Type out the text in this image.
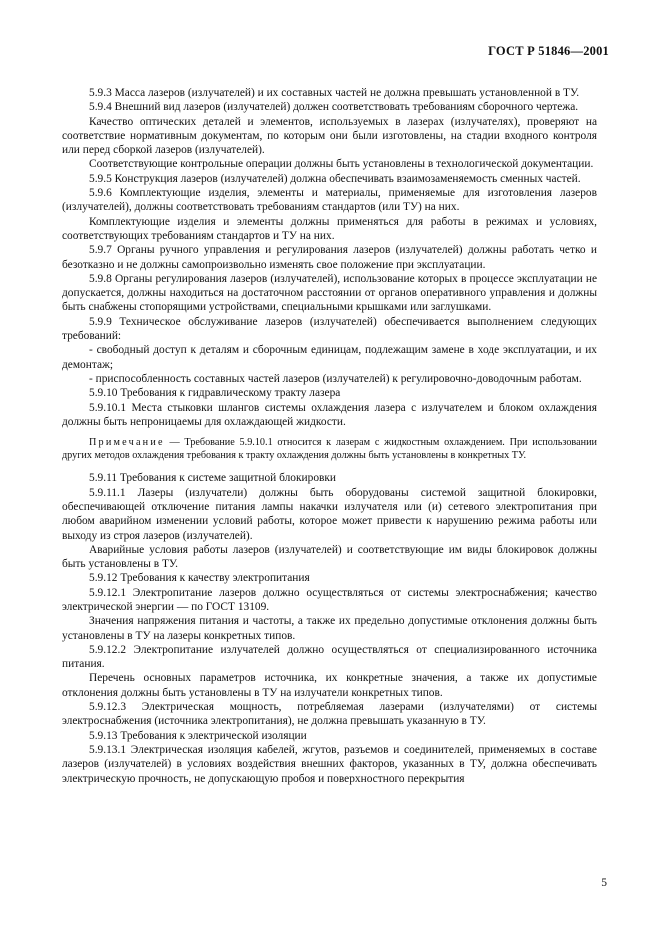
ГОСТ Р 51846—2001

5.9.3 Масса лазеров (излучателей) и их составных частей не должна превышать установленной в ТУ.

5.9.4 Внешний вид лазеров (излучателей) должен соответствовать требованиям сборочного чертежа.

Качество оптических деталей и элементов, используемых в лазерах (излучателях), проверяют на соответствие нормативным документам, по которым они были изготовлены, на стадии входного контроля или перед сборкой лазеров (излучателей).

Соответствующие контрольные операции должны быть установлены в технологической документации.

5.9.5 Конструкция лазеров (излучателей) должна обеспечивать взаимозаменяемость сменных частей.

5.9.6 Комплектующие изделия, элементы и материалы, применяемые для изготовления лазеров (излучателей), должны соответствовать требованиям стандартов (или ТУ) на них.

Комплектующие изделия и элементы должны применяться для работы в режимах и условиях, соответствующих требованиям стандартов и ТУ на них.

5.9.7 Органы ручного управления и регулирования лазеров (излучателей) должны работать четко и безотказно и не должны самопроизвольно изменять свое положение при эксплуатации.

5.9.8 Органы регулирования лазеров (излучателей), использование которых в процессе эксплуатации не допускается, должны находиться на достаточном расстоянии от органов оперативного управления и должны быть снабжены стопорящими устройствами, специальными крышками или заглушками.

5.9.9 Техническое обслуживание лазеров (излучателей) обеспечивается выполнением следующих требований:

- свободный доступ к деталям и сборочным единицам, подлежащим замене в ходе эксплуатации, и их демонтаж;

- приспособленность составных частей лазеров (излучателей) к регулировочно-доводочным работам.

5.9.10 Требования к гидравлическому тракту лазера

5.9.10.1 Места стыковки шлангов системы охлаждения лазера с излучателем и блоком охлаждения должны быть непроницаемы для охлаждающей жидкости.

Примечание — Требование 5.9.10.1 относится к лазерам с жидкостным охлаждением. При использовании других методов охлаждения требования к тракту охлаждения должны быть установлены в конкретных ТУ.

5.9.11 Требования к системе защитной блокировки

5.9.11.1 Лазеры (излучатели) должны быть оборудованы системой защитной блокировки, обеспечивающей отключение питания лампы накачки излучателя или (и) сетевого электропитания при любом аварийном изменении условий работы, которое может привести к нарушению режима работы или выходу из строя лазеров (излучателей).

Аварийные условия работы лазеров (излучателей) и соответствующие им виды блокировок должны быть установлены в ТУ.

5.9.12 Требования к качеству электропитания

5.9.12.1 Электропитание лазеров должно осуществляться от системы электроснабжения; качество электрической энергии — по ГОСТ 13109.

Значения напряжения питания и частоты, а также их предельно допустимые отклонения должны быть установлены в ТУ на лазеры конкретных типов.

5.9.12.2 Электропитание излучателей должно осуществляться от специализированного источника питания.

Перечень основных параметров источника, их конкретные значения, а также их допустимые отклонения должны быть установлены в ТУ на излучатели конкретных типов.

5.9.12.3 Электрическая мощность, потребляемая лазерами (излучателями) от системы электроснабжения (источника электропитания), не должна превышать указанную в ТУ.

5.9.13 Требования к электрической изоляции

5.9.13.1 Электрическая изоляция кабелей, жгутов, разъемов и соединителей, применяемых в составе лазеров (излучателей) в условиях воздействия внешних факторов, указанных в ТУ, должна обеспечивать электрическую прочность, не допускающую пробоя и поверхностного перекрытия

5
